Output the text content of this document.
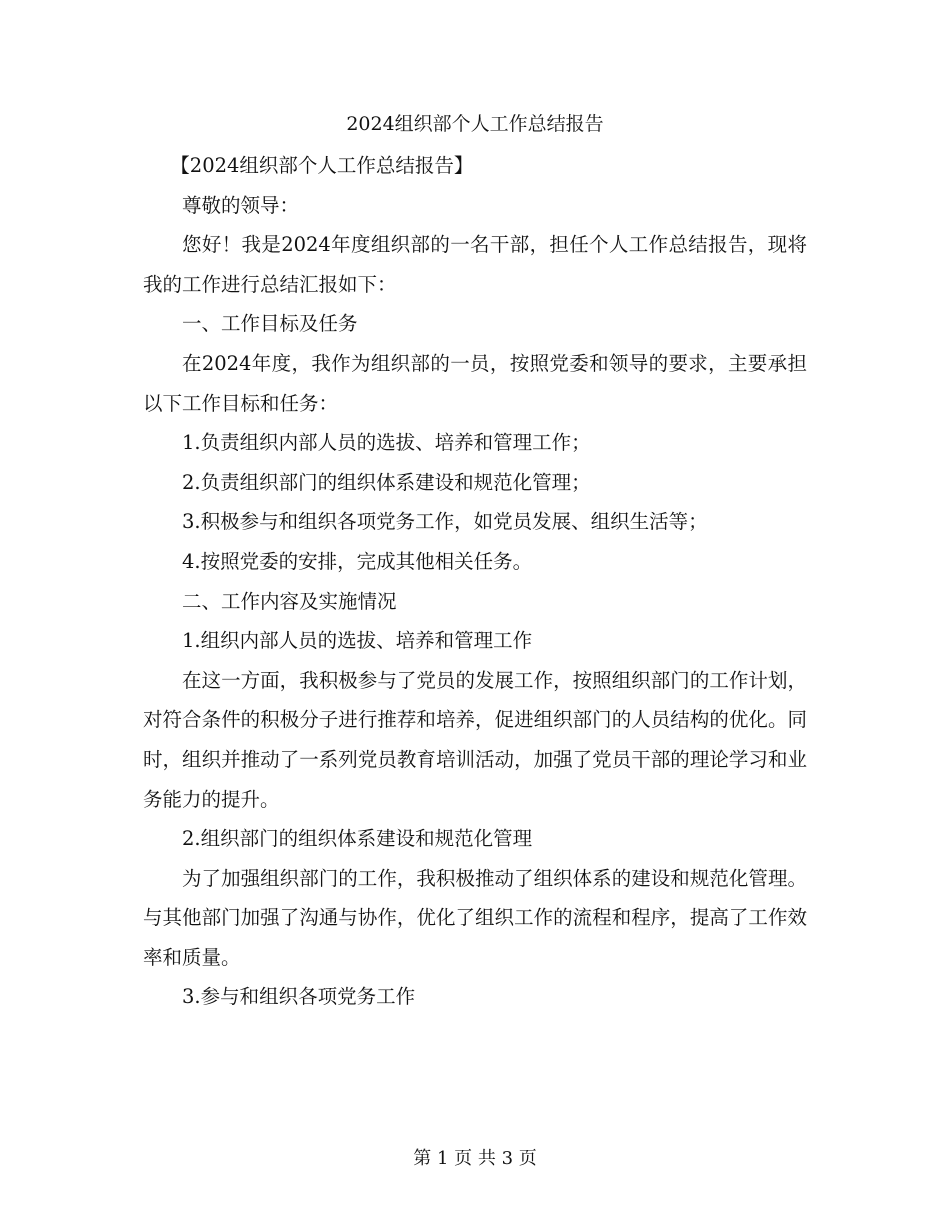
2024组织部个人工作总结报告

【2024组织部个人工作总结报告】

尊敬的领导：

您好！我是2024年度组织部的一名干部，担任个人工作总结报告，现将我的工作进行总结汇报如下：

一、工作目标及任务

在2024年度，我作为组织部的一员，按照党委和领导的要求，主要承担以下工作目标和任务：

1.负责组织内部人员的选拔、培养和管理工作；

2.负责组织部门的组织体系建设和规范化管理；

3.积极参与和组织各项党务工作，如党员发展、组织生活等；

4.按照党委的安排，完成其他相关任务。

二、工作内容及实施情况

1.组织内部人员的选拔、培养和管理工作

在这一方面，我积极参与了党员的发展工作，按照组织部门的工作计划，对符合条件的积极分子进行推荐和培养，促进组织部门的人员结构的优化。同时，组织并推动了一系列党员教育培训活动，加强了党员干部的理论学习和业务能力的提升。

2.组织部门的组织体系建设和规范化管理

为了加强组织部门的工作，我积极推动了组织体系的建设和规范化管理。与其他部门加强了沟通与协作，优化了组织工作的流程和程序，提高了工作效率和质量。

3.参与和组织各项党务工作

第 1 页 共 3 页
